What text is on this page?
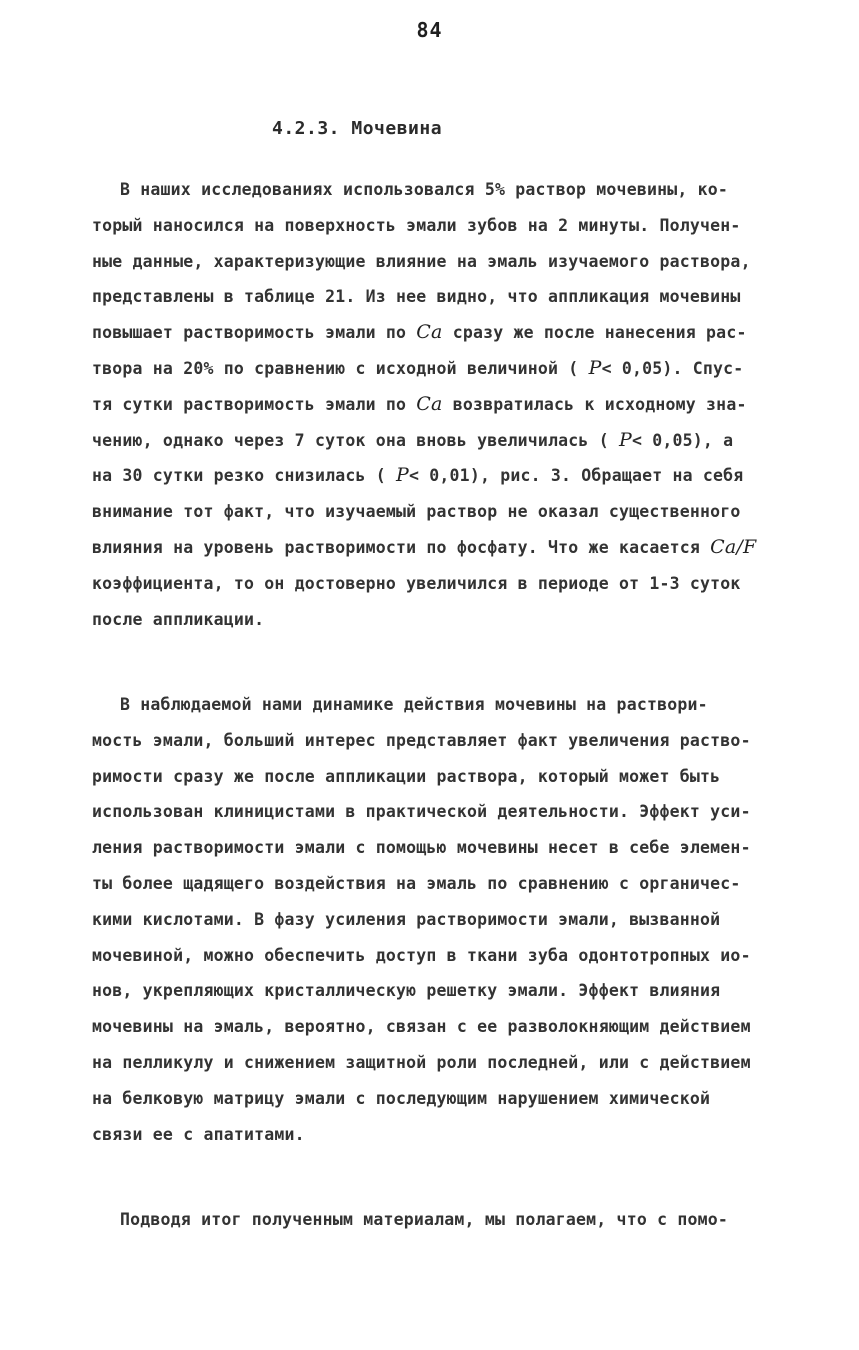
84
4.2.3. Мочевина
В наших исследованиях использовался 5% раствор мочевины, ко-
торый наносился на поверхность эмали зубов на 2 минуты. Получен-
ные данные, характеризующие влияние на эмаль изучаемого раствора,
представлены в таблице 21. Из нее видно, что аппликация мочевины
повышает растворимость эмали по Ca сразу же после нанесения рас-
твора на 20% по сравнению с исходной величиной ( P< 0,05). Спус-
тя сутки растворимость эмали по Ca возвратилась к исходному зна-
чению, однако через 7 суток она вновь увеличилась ( P< 0,05), а
на 30 сутки резко снизилась ( P< 0,01), рис. 3. Обращает на себя
внимание тот факт, что изучаемый раствор не оказал существенного
влияния на уровень растворимости по фосфату. Что же касается Ca/F
коэффициента, то он достоверно увеличился в периоде от 1-3 суток
после аппликации.
В наблюдаемой нами динамике действия мочевины на раствори-
мость эмали, больший интерес представляет факт увеличения раство-
римости сразу же после аппликации раствора, который может быть
использован клиницистами в практической деятельности. Эффект уси-
ления растворимости эмали с помощью мочевины несет в себе элемен-
ты более щадящего воздействия на эмаль по сравнению с органичес-
кими кислотами. В фазу усиления растворимости эмали, вызванной
мочевиной, можно обеспечить доступ в ткани зуба одонтотропных ио-
нов, укрепляющих кристаллическую решетку эмали. Эффект влияния
мочевины на эмаль, вероятно, связан с ее разволокняющим действием
на пелликулу и снижением защитной роли последней, или с действием
на белковую матрицу эмали с последующим нарушением химической
связи ее с апатитами.
Подводя итог полученным материалам, мы полагаем, что с помо-
